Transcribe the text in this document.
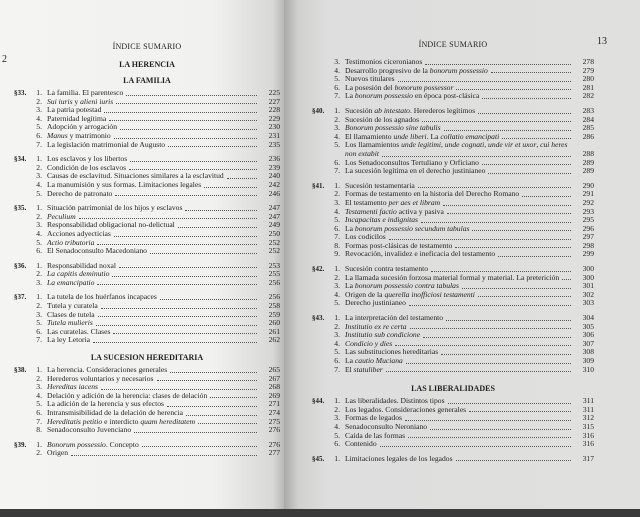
2
ÍNDICE SUMARIO
LA HERENCIA
LA FAMILIA
§33.	1. La familia. El parentesco	225
2. Sui iuris y alieni iuris	227
3. La patria potestad	228
4. Paternidad legítima	229
5. Adopción y arrogación	230
6. Manus y matrimonio	231
7. La legislación matrimonial de Augusto	235
§34.	1. Los esclavos y los libertos	236
2. Condición de los esclavos	239
3. Causas de esclavitud. Situaciones similares a la esclavitud	240
4. La manumisión y sus formas. Limitaciones legales	242
5. Derecho de patronato	246
§35.	1. Situación patrimonial de los hijos y esclavos	247
2. Peculium	247
3. Responsabilidad obligacional no-delictual	249
4. Acciones adyecticias	250
5. Actio tributoria	252
6. El Senadoconsulto Macedoniano	252
§36.	1. Responsabilidad noxal	253
2. La capitis deminutio	255
3. La emancipatio	256
§37.	1. La tutela de los huérfanos incapaces	256
2. Tutela y curatela	258
3. Clases de tutela	259
5. Tutela mulieris	260
6. Las curatelas. Clases	261
7. La ley Letoria	262
LA SUCESION HEREDITARIA
§38.	1. La herencia. Consideraciones generales	265
2. Herederos voluntarios y necesarios	267
3. Hereditas iacens	268
4. Delación y adición de la herencia: clases de delación	269
5. La adición de la herencia y sus efectos	271
6. Intransmisibilidad de la delación de herencia	274
7. Hereditatis petitio e interdicto quam hereditatem	275
8. Senadoconsulto Juvenciano	276
§39.	1. Bonorum possessio. Concepto	276
2. Origen	277
13
ÍNDICE SUMARIO
3. Testimonios ciceronianos	278
4. Desarrollo progresivo de la bonorum possessio	279
5. Nuevos titulares	280
6. La posesión del bonorum possessor	281
7. La bonorum possessio en época post-clásica	282
§40.	1. Sucesión ab intestato. Herederos legítimos	283
2. Sucesión de los agnados	284
3. Bonorum possessio sine tabulis	285
4. El llamamiento unde liberi. La collatio emancipati	286
5. Los llamamientos unde legitimi, unde cognati, unde vir et uxor, cui heres
non extabit	288
6. Los Senadoconsultos Tertuliano y Orficiano	289
7. La sucesión legítima en el derecho justinianeo	289
§41.	1. Sucesión testamentaria	290
2. Formas de testamento en la historia del Derecho Romano	291
3. El testamento per aes et libram	292
4. Testamenti factio activa y pasiva	293
5. Incapacitas e indignitas	295
6. La bonorum possessio secundum tabulas	296
7. Los codicilos	297
8. Formas post-clásicas de testamento	298
9. Revocación, invalidez e ineficacia del testamento	299
§42.	1. Sucesión contra testamento	300
2. La llamada sucesión forzosa material formal y material. La preterición	300
3. La bonorum possessio contra tabulas	301
4. Origen de la querella inofficiosi testamenti	302
5. Derecho justinianeo	303
§43.	1. La interpretación del testamento	304
2. Institutio ex re certa	305
3. Institutio sub condicione	306
4. Condicio y dies	307
5. Las substituciones hereditarias	308
6. La cautio Muciana	309
7. El statuliber	310
LAS LIBERALIDADES
§44.	1. Las liberalidades. Distintos tipos	311
2. Los legados. Consideraciones generales	311
3. Formas de legados	312
4. Senadoconsulto Neroniano	315
5. Caída de las formas	316
6. Contenido	316
§45.	1. Limitaciones legales de los legados	317
